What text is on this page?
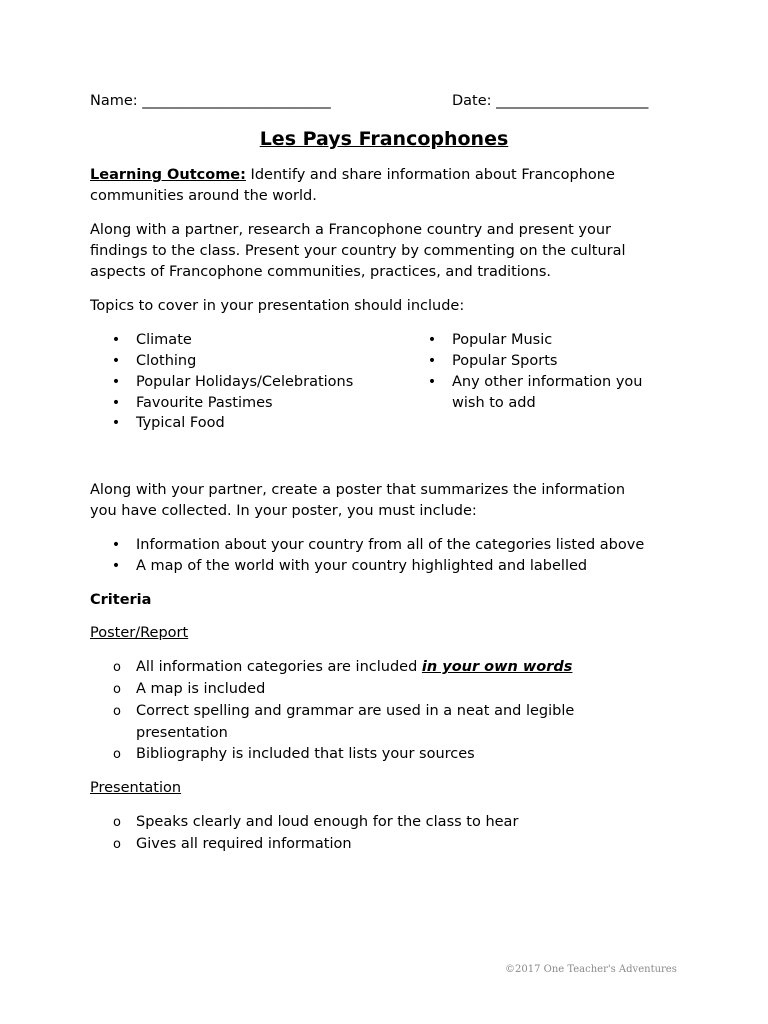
Name: __________________________	Date: _____________________
Les Pays Francophones
Learning Outcome: Identify and share information about Francophone
communities around the world.
Along with a partner, research a Francophone country and present your
findings to the class. Present your country by commenting on the cultural
aspects of Francophone communities, practices, and traditions.
Topics to cover in your presentation should include:
• Climate
• Clothing
• Popular Holidays/Celebrations
• Favourite Pastimes
• Typical Food
• Popular Music
• Popular Sports
• Any other information you
wish to add
Along with your partner, create a poster that summarizes the information
you have collected. In your poster, you must include:
• Information about your country from all of the categories listed above
• A map of the world with your country highlighted and labelled
Criteria
Poster/Report
o All information categories are included in your own words
o A map is included
o Correct spelling and grammar are used in a neat and legible
presentation
o Bibliography is included that lists your sources
Presentation
o Speaks clearly and loud enough for the class to hear
o Gives all required information
©2017 One Teacher's Adventures
